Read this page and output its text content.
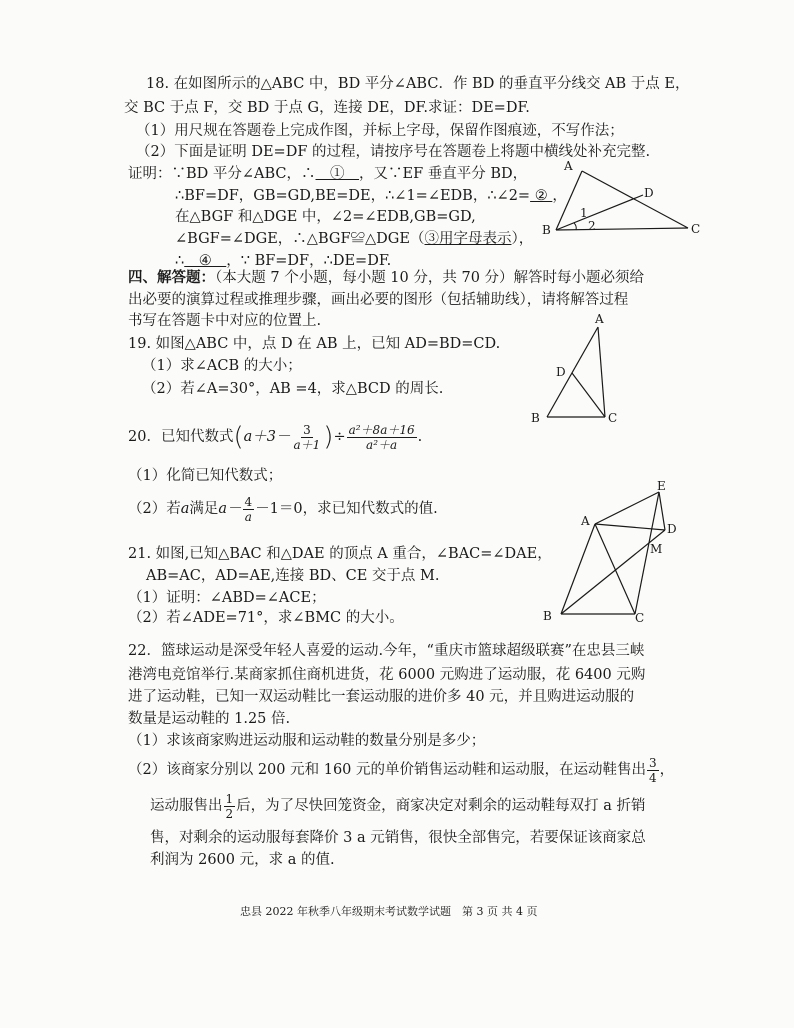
18. 在如图所示的△ABC 中，BD 平分∠ABC．作 BD 的垂直平分线交 AB 于点 E，
交 BC 于点 F，交 BD 于点 G，连接 DE，DF.求证：DE=DF.
（1）用尺规在答题卷上完成作图，并标上字母，保留作图痕迹，不写作法；
（2）下面是证明 DE=DF 的过程，请按序号在答题卷上将题中横线处补充完整.
证明：∵BD 平分∠ABC，∴　①　，又∵EF 垂直平分 BD，
∴BF=DF，GB=GD,BE=DE，∴∠1=∠EDB，∴∠2= ② ，
在△BGF 和△DGE 中，∠2=∠EDB,GB=GD,
∠BGF=∠DGE，∴△BGF≌△DGE（③用字母表示），
∴　④　，∵ BF=DF，∴DE=DF.
A
D
B	C
1
2
四、解答题：（本大题 7 个小题，每小题 10 分，共 70 分）解答时每小题必须给
出必要的演算过程或推理步骤，画出必要的图形（包括辅助线），请将解答过程
书写在答题卡中对应的位置上.
19. 如图△ABC 中，点 D 在 AB 上，已知 AD=BD=CD.
（1）求∠ACB 的大小；
（2）若∠A=30°，AB =4，求△BCD 的周长.
A
D
B	C
20．已知代数式($a+3- \frac{3}{a+1}$ )÷ $\frac{\text{a²＋8a＋16}}{\text{a²＋a}}$ .
（1）化简已知代数式；
（2）若a满足$a- \frac{4}{a} -1=0$，求已知代数式的值.
21. 如图,已知△BAC 和△DAE 的顶点 A 重合，∠BAC=∠DAE，
AB=AC，AD=AE,连接 BD、CE 交于点 M.
（1）证明：∠ABD=∠ACE；
（2）若∠ADE=71°，求∠BMC 的大小。
E
A
D
M
B	C
22．篮球运动是深受年轻人喜爱的运动.今年，“重庆市篮球超级联赛”在忠县三峡
港湾电竞馆举行.某商家抓住商机进货，花 6000 元购进了运动服，花 6400 元购
进了运动鞋，已知一双运动鞋比一套运动服的进价多 40 元，并且购进运动服的
数量是运动鞋的 1.25 倍.
（1）求该商家购进运动服和运动鞋的数量分别是多少；
（2）该商家分别以 200 元和 160 元的单价销售运动鞋和运动服，在运动鞋售出 $\frac{3}{4}$ ，
运动服售出 $\frac{1}{2}$ 后，为了尽快回笼资金，商家决定对剩余的运动鞋每双打 a 折销
售，对剩余的运动服每套降价 3 a 元销售，很快全部售完，若要保证该商家总
利润为 2600 元，求 a 的值.
忠县 2022 年秋季八年级期末考试数学试题　第 3 页 共 4 页
